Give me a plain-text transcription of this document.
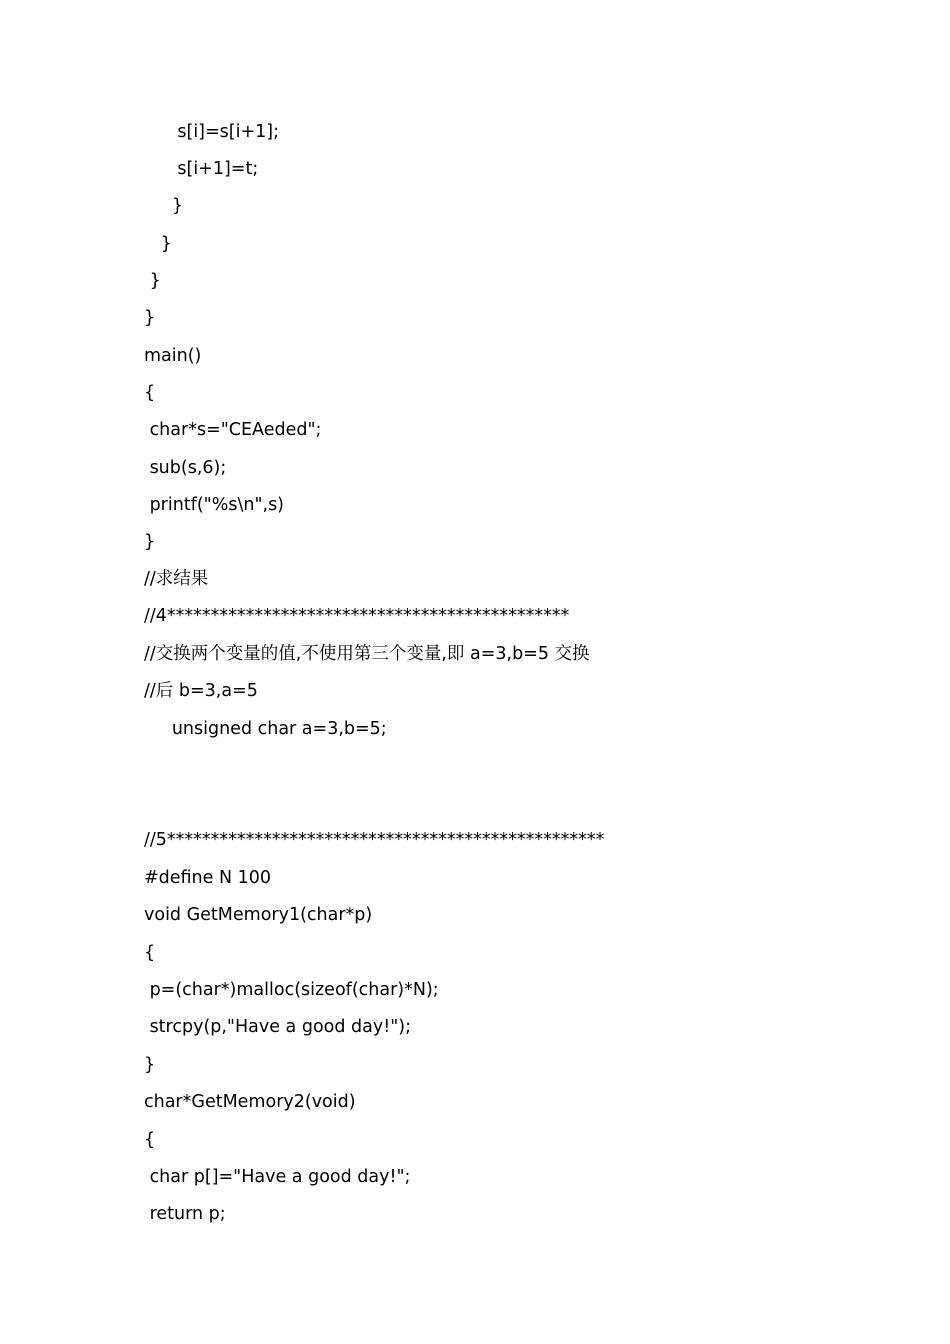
s[i]=s[i+1];
s[i+1]=t;
}
}
}
}
main()
{
char*s="CEAeded";
sub(s,6);
printf("%s\n",s)
}
//求结果
//4**********************************************
//交换两个变量的值,不使用第三个变量,即 a=3,b=5 交换
//后 b=3,a=5
unsigned char a=3,b=5;
//5**************************************************
#define N 100
void GetMemory1(char*p)
{
p=(char*)malloc(sizeof(char)*N);
strcpy(p,"Have a good day!");
}
char*GetMemory2(void)
{
char p[]="Have a good day!";
return p;
